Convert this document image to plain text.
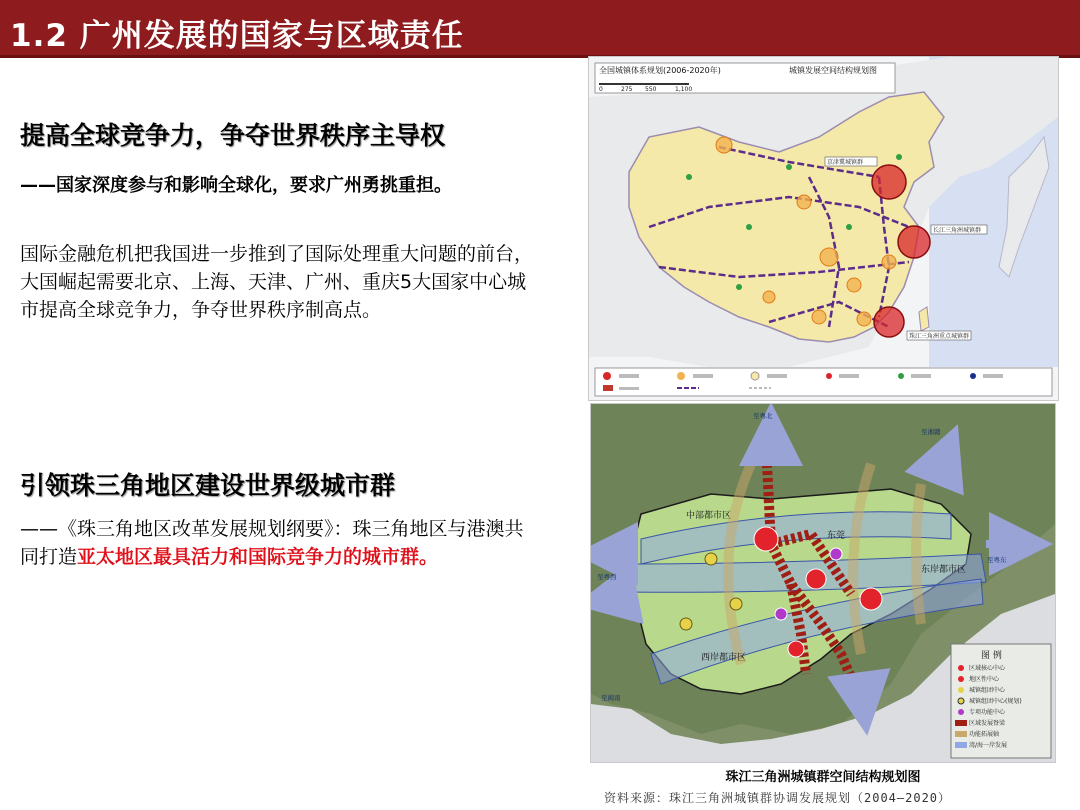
1.2 广州发展的国家与区域责任
提高全球竞争力，争夺世界秩序主导权
——国家深度参与和影响全球化，要求广州勇挑重担。
国际金融危机把我国进一步推到了国际处理重大问题的前台，大国崛起需要北京、上海、天津、广州、重庆5大国家中心城市提高全球竞争力，争夺世界秩序制高点。
引领珠三角地区建设世界级城市群
——《珠三角地区改革发展规划纲要》：珠三角地区与港澳共同打造亚太地区最具活力和国际竞争力的城市群。
全国城镇体系规划(2006-2020年)	城镇发展空间结构规划图
0	275 550	1,100
京津冀城镇群
长江三角洲城镇群
珠江三角洲重点城镇群
中部都市区
东莞
东岸都市区
西岸都市区
至粤北
至粤东
至粤西
至湘赣
至闽南
图 例
区域核心中心
地区性中心
城镇组团中心
城镇组团中心(规划)
专项功能中心
区域发展脊梁
功能拓展轴
湾/海一岸发展
珠江三角洲城镇群空间结构规划图
资料来源：珠江三角洲城镇群协调发展规划（2004—2020）
